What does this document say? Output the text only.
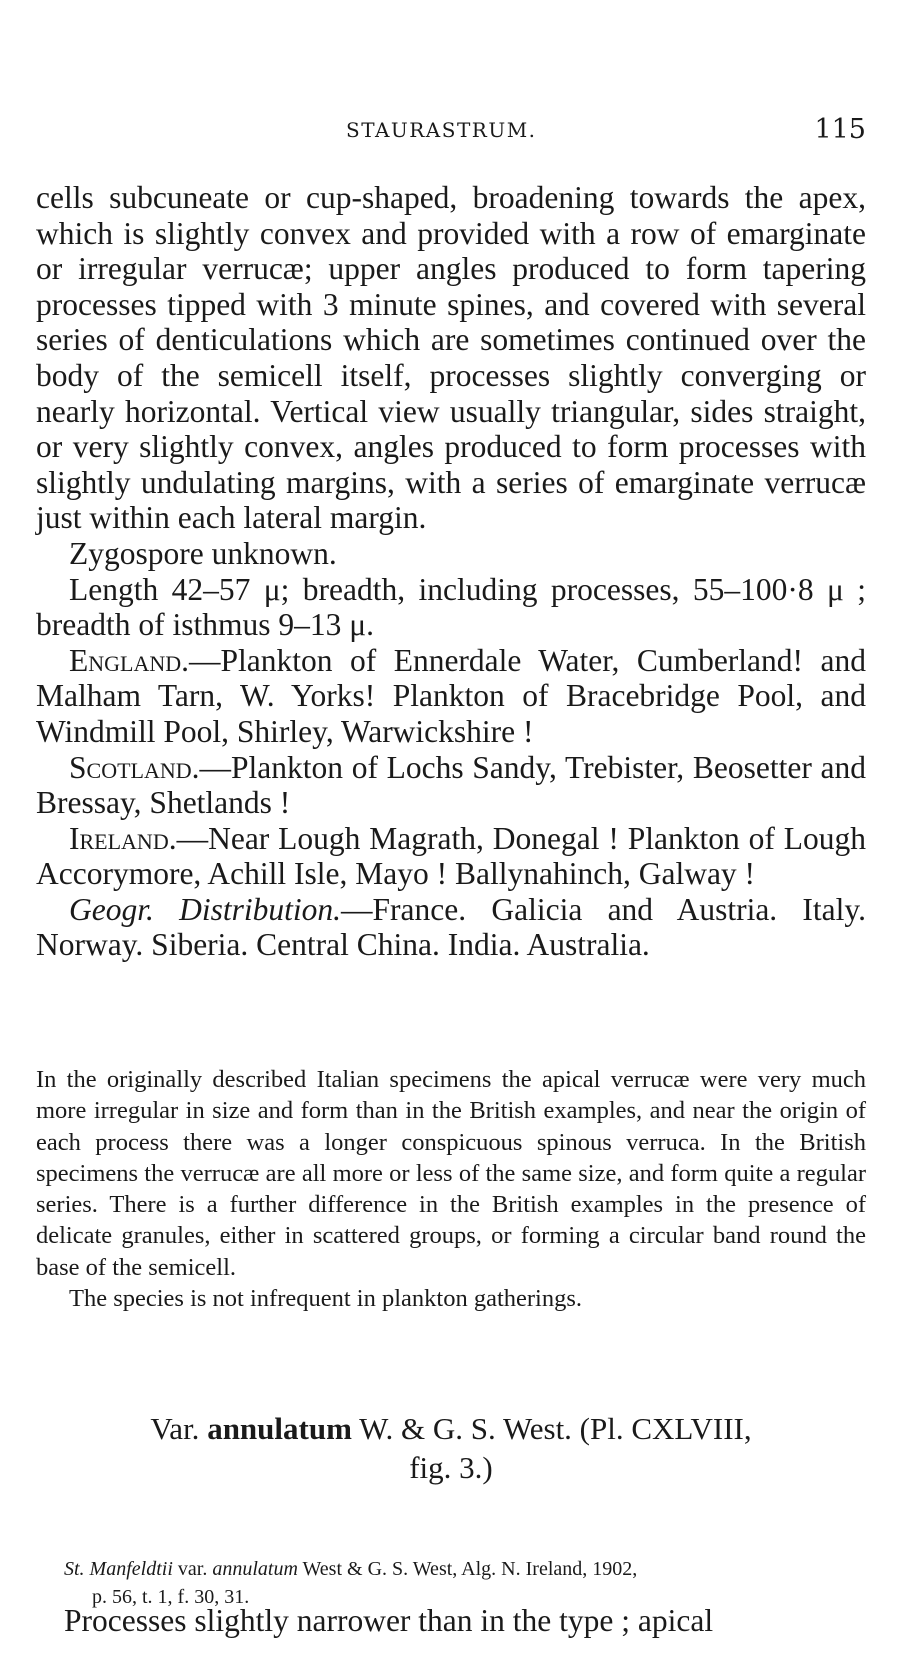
STAURASTRUM.	115

cells subcuneate or cup-shaped, broadening towards the apex, which is slightly convex and provided with a row of emarginate or irregular verrucæ; upper angles produced to form tapering processes tipped with 3 minute spines, and covered with several series of denticulations which are sometimes continued over the body of the semicell itself, processes slightly converging or nearly horizontal. Vertical view usually triangular, sides straight, or very slightly convex, angles produced to form processes with slightly undulating margins, with a series of emarginate verrucæ just within each lateral margin.

Zygospore unknown.

Length 42–57 μ; breadth, including processes, 55–100·8 μ ; breadth of isthmus 9–13 μ.

England.—Plankton of Ennerdale Water, Cumberland! and Malham Tarn, W. Yorks! Plankton of Bracebridge Pool, and Windmill Pool, Shirley, Warwickshire !

Scotland.—Plankton of Lochs Sandy, Trebister, Beosetter and Bressay, Shetlands !

Ireland.—Near Lough Magrath, Donegal ! Plankton of Lough Accorymore, Achill Isle, Mayo ! Ballynahinch, Galway !

Geogr. Distribution.—France. Galicia and Austria. Italy. Norway. Siberia. Central China. India. Australia.

In the originally described Italian specimens the apical verrucæ were very much more irregular in size and form than in the British examples, and near the origin of each process there was a longer conspicuous spinous verruca. In the British specimens the verrucæ are all more or less of the same size, and form quite a regular series. There is a further difference in the British examples in the presence of delicate granules, either in scattered groups, or forming a circular band round the base of the semicell.

The species is not infrequent in plankton gatherings.

Var. annulatum W. & G. S. West. (Pl. CXLVIII,
fig. 3.)
St. Manfeldtii var. annulatum West & G. S. West, Alg. N. Ireland, 1902,
p. 56, t. 1, f. 30, 31.
Processes slightly narrower than in the type ; apical
